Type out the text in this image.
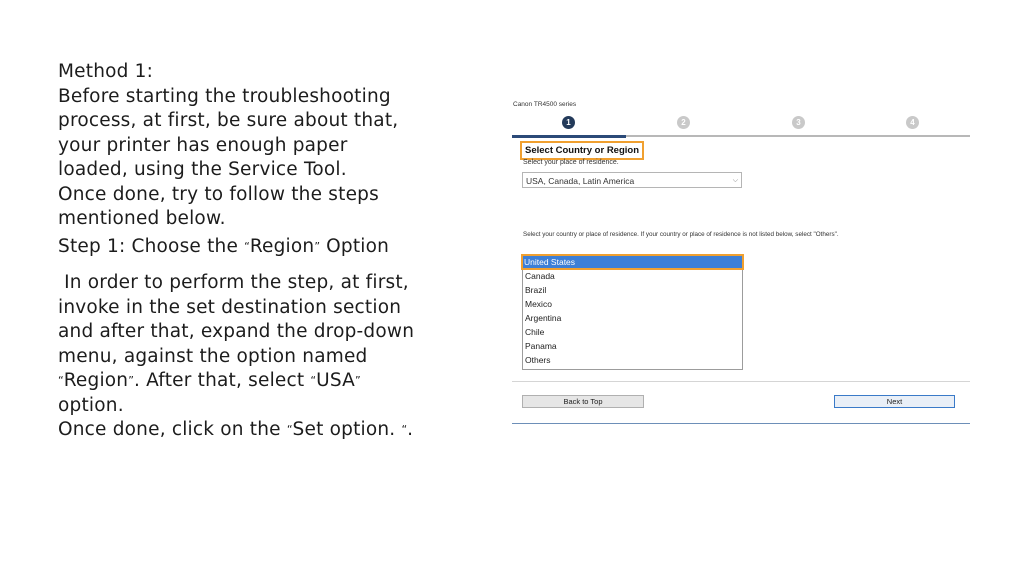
Method 1:

Before starting the troubleshooting

process, at first, be sure about that,

your printer has enough paper

loaded, using the Service Tool.

Once done, try to follow the steps

mentioned below.

Step 1: Choose the “Region” Option

In order to perform the step, at first,

invoke in the set destination section

and after that, expand the drop-down

menu, against the option named

“Region”. After that, select “USA”

option.

Once done, click on the “Set option. “.

Canon TR4500 series
1	2	3	4
Select Country or Region
Select your place of residence.
USA, Canada, Latin America	⌵
Select your country or place of residence. If your country or place of residence is not listed below, select "Others".
United States
Canada
Brazil
Mexico
Argentina
Chile
Panama
Others
Back to Top	Next
